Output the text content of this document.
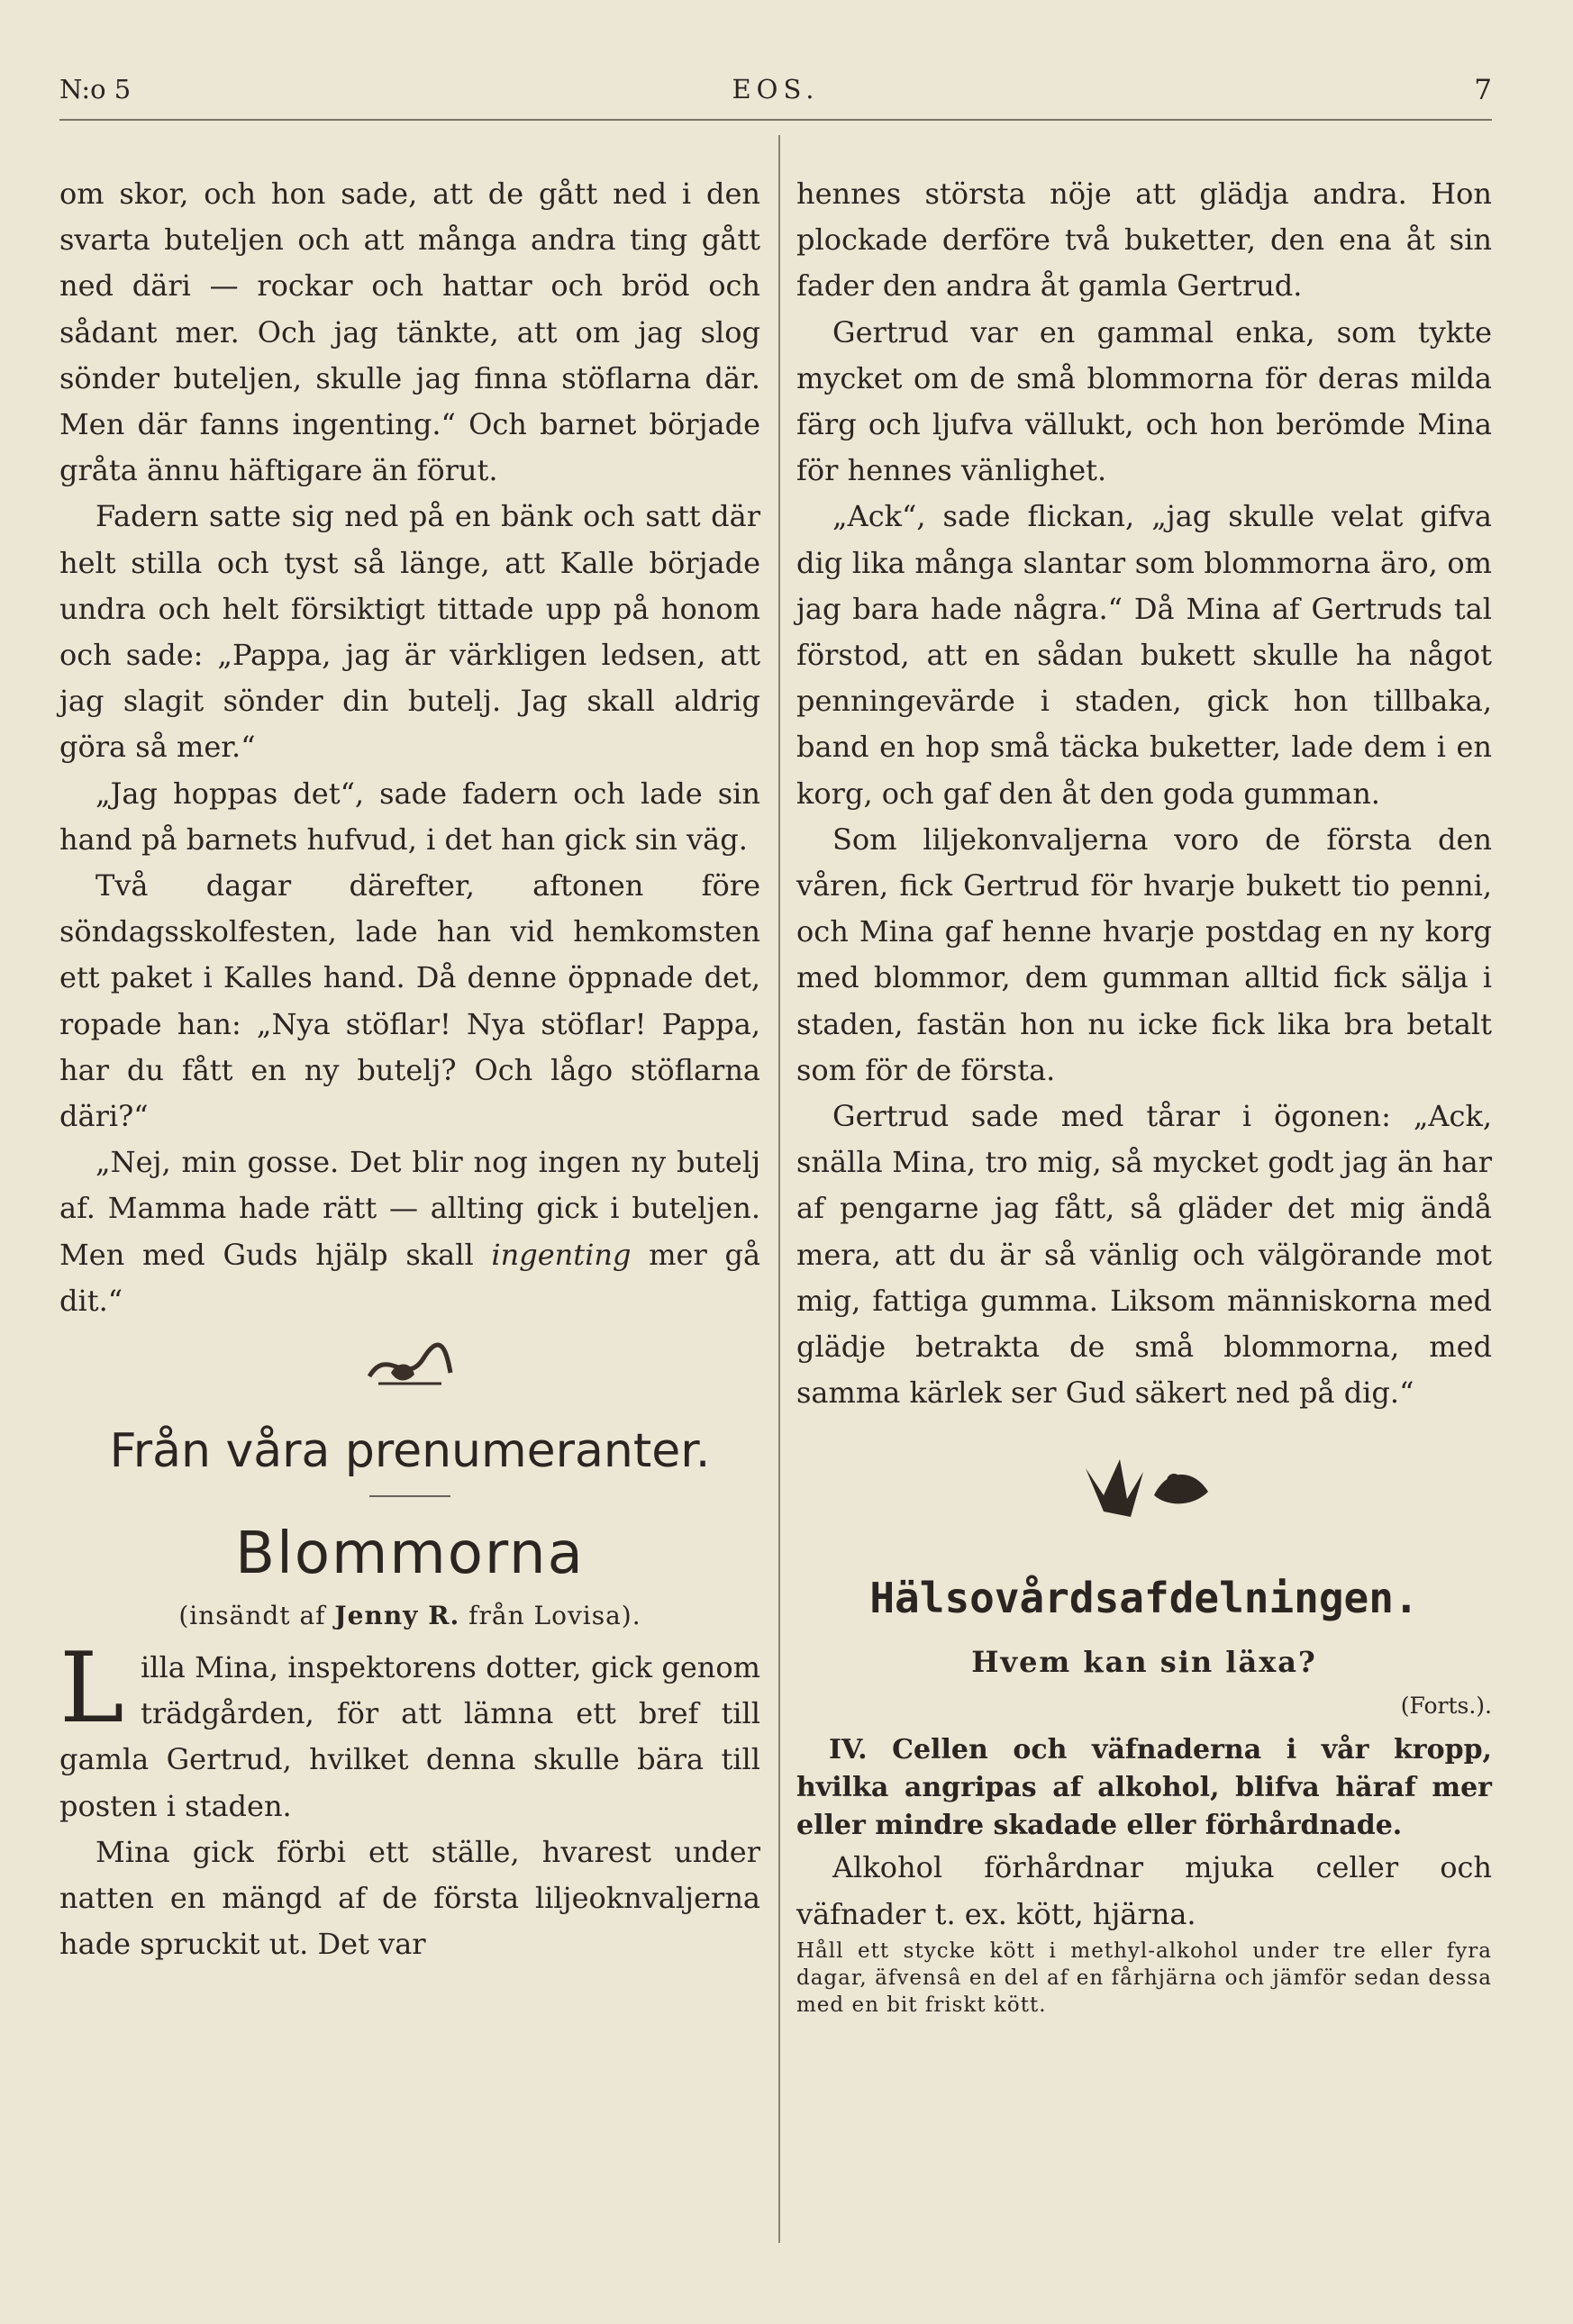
N:o 5	EOS.	7

om skor, och hon sade, att de gått ned i den svarta buteljen och att många andra ting gått ned däri — rockar och hattar och bröd och sådant mer. Och jag tänkte, att om jag slog sönder buteljen, skulle jag finna stöflarna där. Men där fanns ingenting.“ Och barnet började gråta ännu häftigare än förut.

Fadern satte sig ned på en bänk och satt där helt stilla och tyst så länge, att Kalle började undra och helt försiktigt tittade upp på honom och sade: „Pappa, jag är värkligen ledsen, att jag slagit sönder din butelj. Jag skall aldrig göra så mer.“

„Jag hoppas det“, sade fadern och lade sin hand på barnets hufvud, i det han gick sin väg.

Två dagar därefter, aftonen före söndagsskolfesten, lade han vid hemkomsten ett paket i Kalles hand. Då denne öppnade det, ropade han: „Nya stöflar! Nya stöflar! Pappa, har du fått en ny butelj? Och lågo stöflarna däri?“

„Nej, min gosse. Det blir nog ingen ny butelj af. Mamma hade rätt — allting gick i buteljen. Men med Guds hjälp skall ingenting mer gå dit.“

Från våra prenumeranter.
Blommorna
(insändt af Jenny R. från Lovisa).

Lilla Mina, inspektorens dotter, gick genom trädgården, för att lämna ett bref till gamla Gertrud, hvilket denna skulle bära till posten i staden.

Mina gick förbi ett ställe, hvarest under natten en mängd af de första liljeoknvaljerna hade spruckit ut. Det var

hennes största nöje att glädja andra. Hon plockade derföre två buketter, den ena åt sin fader den andra åt gamla Gertrud.

Gertrud var en gammal enka, som tykte mycket om de små blommorna för deras milda färg och ljufva vällukt, och hon berömde Mina för hennes vänlighet.

„Ack“, sade flickan, „jag skulle velat gifva dig lika många slantar som blommorna äro, om jag bara hade några.“ Då Mina af Gertruds tal förstod, att en sådan bukett skulle ha något penningevärde i staden, gick hon tillbaka, band en hop små täcka buketter, lade dem i en korg, och gaf den åt den goda gumman.

Som liljekonvaljerna voro de första den våren, fick Gertrud för hvarje bukett tio penni, och Mina gaf henne hvarje postdag en ny korg med blommor, dem gumman alltid fick sälja i staden, fastän hon nu icke fick lika bra betalt som för de första.

Gertrud sade med tårar i ögonen: „Ack, snälla Mina, tro mig, så mycket godt jag än har af pengarne jag fått, så gläder det mig ändå mera, att du är så vänlig och välgörande mot mig, fattiga gumma. Liksom människorna med glädje betrakta de små blommorna, med samma kärlek ser Gud säkert ned på dig.“

Hälsovårdsafdelningen.
Hvem kan sin läxa?
(Forts.).

IV. Cellen och väfnaderna i vår kropp, hvilka angripas af alkohol, blifva häraf mer eller mindre skadade eller förhårdnade.

Alkohol förhårdnar mjuka celler och väfnader t. ex. kött, hjärna.

Håll ett stycke kött i methyl-alkohol under tre eller fyra dagar, äfvensâ en del af en fårhjärna och jämför sedan dessa med en bit friskt kött.
